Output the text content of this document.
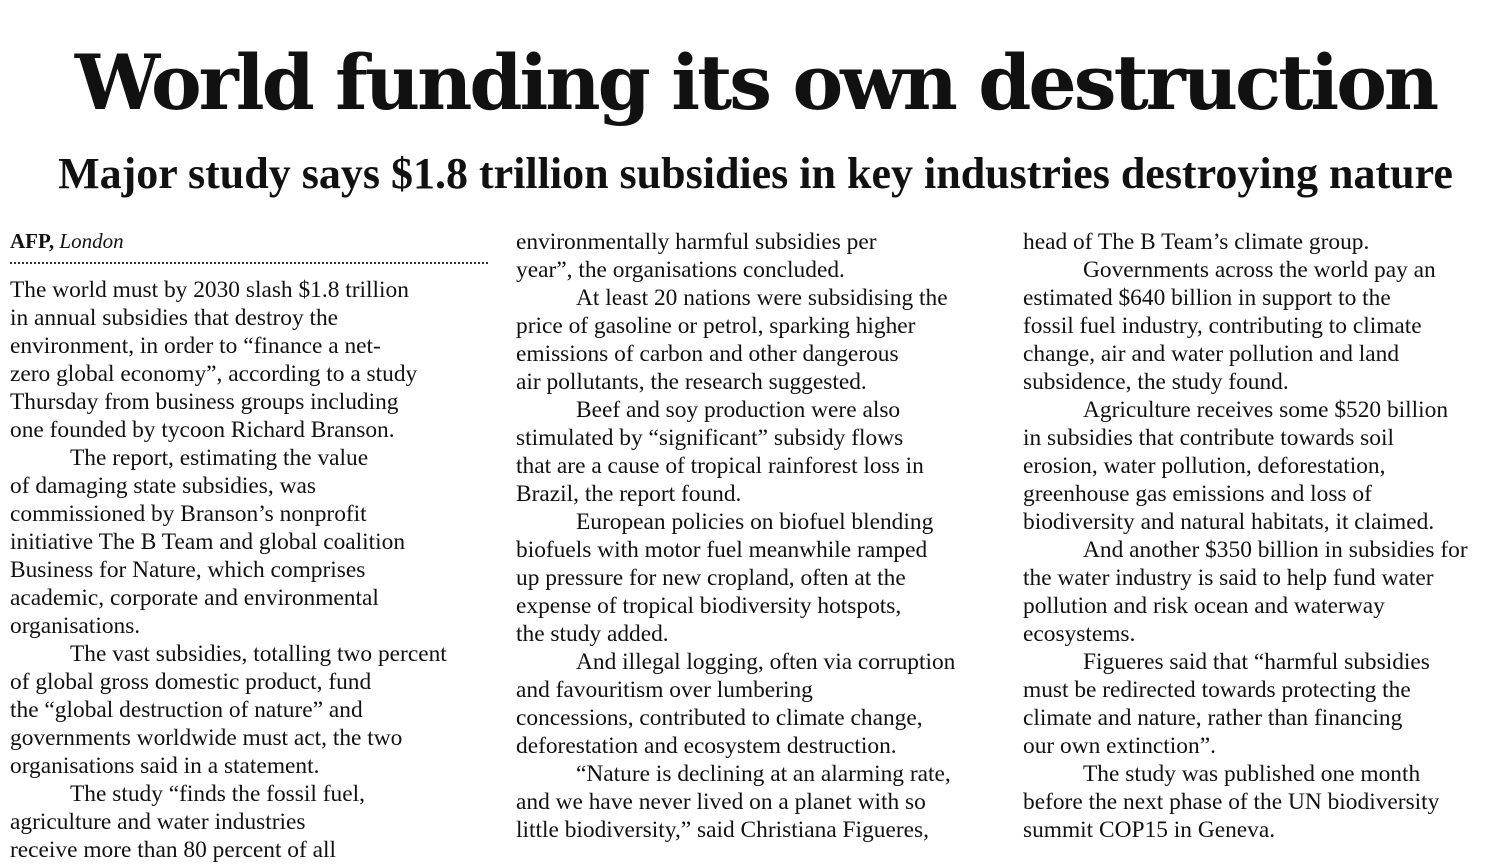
World funding its own destruction
Major study says $1.8 trillion subsidies in key industries destroying nature
AFP, London
The world must by 2030 slash $1.8 trillion
in annual subsidies that destroy the
environment, in order to “finance a net-
zero global economy”, according to a study
Thursday from business groups including
one founded by tycoon Richard Branson.
The report, estimating the value
of damaging state subsidies, was
commissioned by Branson’s nonprofit
initiative The B Team and global coalition
Business for Nature, which comprises
academic, corporate and environmental
organisations.
The vast subsidies, totalling two percent
of global gross domestic product, fund
the “global destruction of nature” and
governments worldwide must act, the two
organisations said in a statement.
The study “finds the fossil fuel,
agriculture and water industries
receive more than 80 percent of all
environmentally harmful subsidies per
year”, the organisations concluded.
At least 20 nations were subsidising the
price of gasoline or petrol, sparking higher
emissions of carbon and other dangerous
air pollutants, the research suggested.
Beef and soy production were also
stimulated by “significant” subsidy flows
that are a cause of tropical rainforest loss in
Brazil, the report found.
European policies on biofuel blending
biofuels with motor fuel meanwhile ramped
up pressure for new cropland, often at the
expense of tropical biodiversity hotspots,
the study added.
And illegal logging, often via corruption
and favouritism over lumbering
concessions, contributed to climate change,
deforestation and ecosystem destruction.
“Nature is declining at an alarming rate,
and we have never lived on a planet with so
little biodiversity,” said Christiana Figueres,
head of The B Team’s climate group.
Governments across the world pay an
estimated $640 billion in support to the
fossil fuel industry, contributing to climate
change, air and water pollution and land
subsidence, the study found.
Agriculture receives some $520 billion
in subsidies that contribute towards soil
erosion, water pollution, deforestation,
greenhouse gas emissions and loss of
biodiversity and natural habitats, it claimed.
And another $350 billion in subsidies for
the water industry is said to help fund water
pollution and risk ocean and waterway
ecosystems.
Figueres said that “harmful subsidies
must be redirected towards protecting the
climate and nature, rather than financing
our own extinction”.
The study was published one month
before the next phase of the UN biodiversity
summit COP15 in Geneva.
